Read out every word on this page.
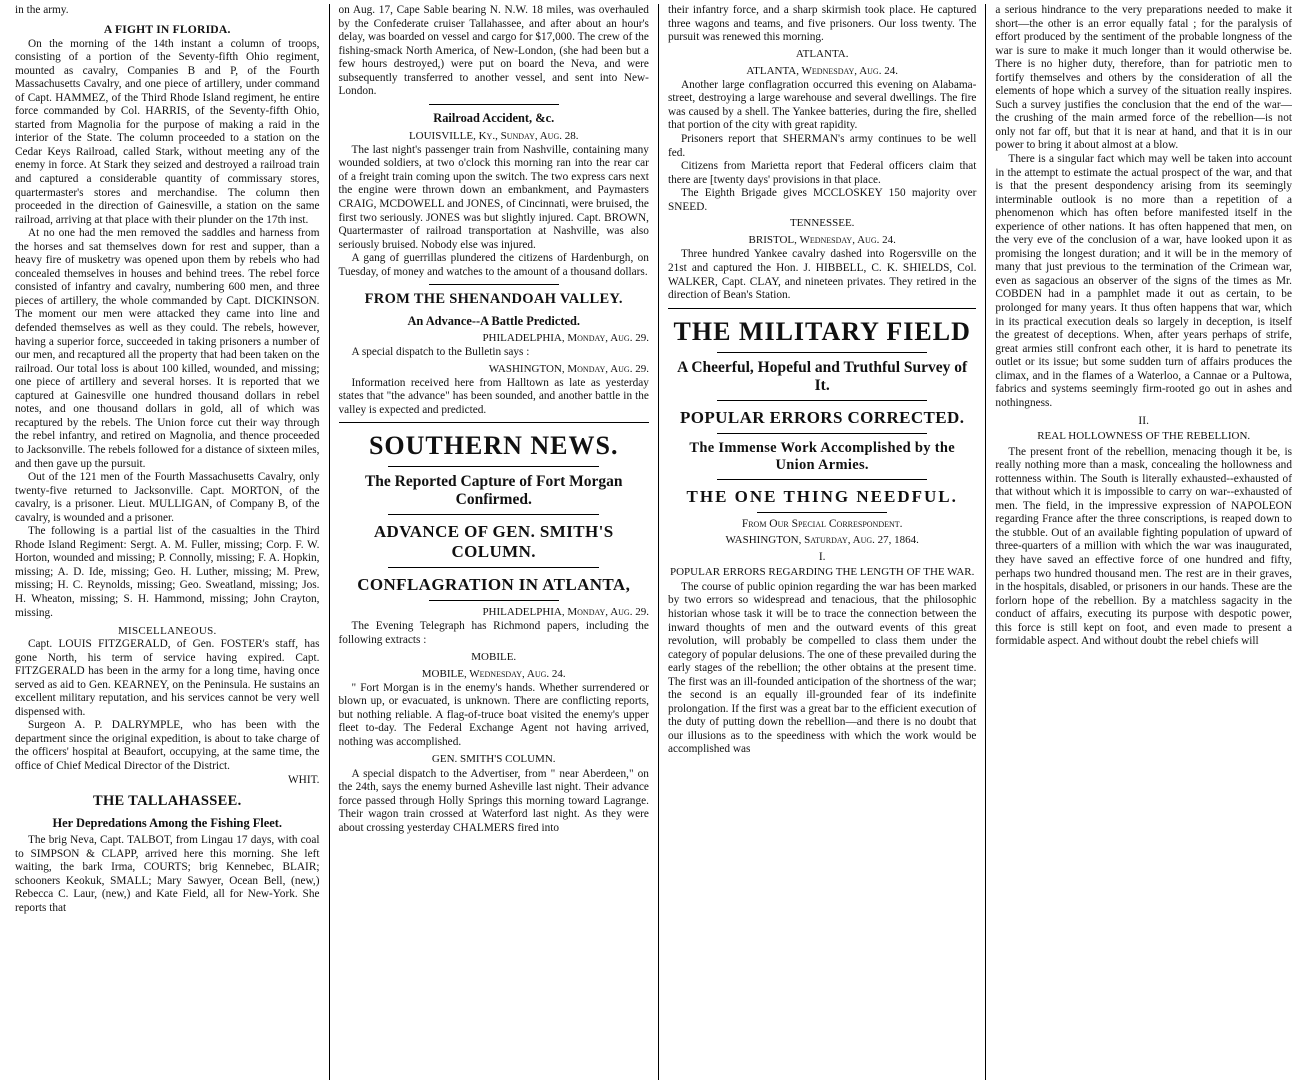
in the army.

A FIGHT IN FLORIDA.

On the morning of the 14th instant a column of troops, consisting of a portion of the Seventy-fifth Ohio regiment, mounted as cavalry, Companies B and P, of the Fourth Massachusetts Cavalry, and one piece of artillery, under command of Capt. HAMMEZ, of the Third Rhode Island regiment, he entire force commanded by Col. HARRIS, of the Seventy-fifth Ohio, started from Magnolia for the purpose of making a raid in the interior of the State. The column proceeded to a station on the Cedar Keys Railroad, called Stark, without meeting any of the enemy in force. At Stark they seized and destroyed a railroad train and captured a considerable quantity of commissary stores, quartermaster's stores and merchandise. The column then proceeded in the direction of Gainesville, a station on the same railroad, arriving at that place with their plunder on the 17th inst.

At no one had the men removed the saddles and harness from the horses and sat themselves down for rest and supper, than a heavy fire of musketry was opened upon them by rebels who had concealed themselves in houses and behind trees. The rebel force consisted of infantry and cavalry, numbering 600 men, and three pieces of artillery, the whole commanded by Capt. DICKINSON. The moment our men were attacked they came into line and defended themselves as well as they could. The rebels, however, having a superior force, succeeded in taking prisoners a number of our men, and recaptured all the property that had been taken on the railroad. Our total loss is about 100 killed, wounded, and missing; one piece of artillery and several horses. It is reported that we captured at Gainesville one hundred thousand dollars in rebel notes, and one thousand dollars in gold, all of which was recaptured by the rebels. The Union force cut their way through the rebel infantry, and retired on Magnolia, and thence proceeded to Jacksonville. The rebels followed for a distance of sixteen miles, and then gave up the pursuit.

Out of the 121 men of the Fourth Massachusetts Cavalry, only twenty-five returned to Jacksonville. Capt. MORTON, of the cavalry, is a prisoner. Lieut. MULLIGAN, of Company B, of the cavalry, is wounded and a prisoner.

The following is a partial list of the casualties in the Third Rhode Island Regiment: Sergt. A. M. Fuller, missing; Corp. F. W. Horton, wounded and missing; P. Connolly, missing; F. A. Hopkin, missing; A. D. Ide, missing; Geo. H. Luther, missing; M. Prew, missing; H. C. Reynolds, missing; Geo. Sweatland, missing; Jos. H. Wheaton, missing; S. H. Hammond, missing; John Crayton, missing.

MISCELLANEOUS.

Capt. LOUIS FITZGERALD, of Gen. FOSTER's staff, has gone North, his term of service having expired. Capt. FITZGERALD has been in the army for a long time, having once served as aid to Gen. KEARNEY, on the Peninsula. He sustains an excellent military reputation, and his services cannot be very well dispensed with.

Surgeon A. P. DALRYMPLE, who has been with the department since the original expedition, is about to take charge of the officers' hospital at Beaufort, occupying, at the same time, the office of Chief Medical Director of the District.

WHIT.

THE TALLAHASSEE.

Her Depredations Among the Fishing Fleet.

The brig Neva, Capt. TALBOT, from Lingau 17 days, with coal to SIMPSON & CLAPP, arrived here this morning. She left waiting, the bark Irma, COURTS; brig Kennebec, BLAIR; schooners Keokuk, SMALL; Mary Sawyer, Ocean Bell, (new,) Rebecca C. Laur, (new,) and Kate Field, all for New-York. She reports that

on Aug. 17, Cape Sable bearing N. N.W. 18 miles, was overhauled by the Confederate cruiser Tallahassee, and after about an hour's delay, was boarded on vessel and cargo for $17,000. The crew of the fishing-smack North America, of New-London, (she had been but a few hours destroyed,) were put on board the Neva, and were subsequently transferred to another vessel, and sent into New-London.

Railroad Accident, &c.

LOUISVILLE, Ky., Sunday, Aug. 28.

The last night's passenger train from Nashville, containing many wounded soldiers, at two o'clock this morning ran into the rear car of a freight train coming upon the switch. The two express cars next the engine were thrown down an embankment, and Paymasters CRAIG, MCDOWELL and JONES, of Cincinnati, were bruised, the first two seriously. JONES was but slightly injured. Capt. BROWN, Quartermaster of railroad transportation at Nashville, was also seriously bruised. Nobody else was injured.

A gang of guerrillas plundered the citizens of Hardenburgh, on Tuesday, of money and watches to the amount of a thousand dollars.

FROM THE SHENANDOAH VALLEY.

An Advance--A Battle Predicted.

PHILADELPHIA, Monday, Aug. 29.

A special dispatch to the Bulletin says :

WASHINGTON, Monday, Aug. 29.

Information received here from Halltown as late as yesterday states that "the advance" has been sounded, and another battle in the valley is expected and predicted.

SOUTHERN NEWS.

The Reported Capture of Fort Morgan Confirmed.

ADVANCE OF GEN. SMITH'S COLUMN.

CONFLAGRATION IN ATLANTA,

PHILADELPHIA, Monday, Aug. 29.

The Evening Telegraph has Richmond papers, including the following extracts :

MOBILE.

MOBILE, Wednesday, Aug. 24.

" Fort Morgan is in the enemy's hands. Whether surrendered or blown up, or evacuated, is unknown. There are conflicting reports, but nothing reliable. A flag-of-truce boat visited the enemy's upper fleet to-day. The Federal Exchange Agent not having arrived, nothing was accomplished.

GEN. SMITH'S COLUMN.

A special dispatch to the Advertiser, from " near Aberdeen," on the 24th, says the enemy burned Asheville last night. Their advance force passed through Holly Springs this morning toward Lagrange. Their wagon train crossed at Waterford last night. As they were about crossing yesterday CHALMERS fired into

their infantry force, and a sharp skirmish took place. He captured three wagons and teams, and five prisoners. Our loss twenty. The pursuit was renewed this morning.

ATLANTA.

ATLANTA, Wednesday, Aug. 24.

Another large conflagration occurred this evening on Alabama-street, destroying a large warehouse and several dwellings. The fire was caused by a shell. The Yankee batteries, during the fire, shelled that portion of the city with great rapidity.

Prisoners report that SHERMAN's army continues to be well fed.

Citizens from Marietta report that Federal officers claim that there are [twenty days' provisions in that place.

The Eighth Brigade gives MCCLOSKEY 150 majority over SNEED.

TENNESSEE.

BRISTOL, Wednesday, Aug. 24.

Three hundred Yankee cavalry dashed into Rogersville on the 21st and captured the Hon. J. HIBBELL, C. K. SHIELDS, Col. WALKER, Capt. CLAY, and nineteen privates. They retired in the direction of Bean's Station.

THE MILITARY FIELD

A Cheerful, Hopeful and Truthful Survey of It.

POPULAR ERRORS CORRECTED.

The Immense Work Accomplished by the Union Armies.

THE ONE THING NEEDFUL.

From Our Special Correspondent.

WASHINGTON, Saturday, Aug. 27, 1864.

I.

POPULAR ERRORS REGARDING THE LENGTH OF THE WAR.

The course of public opinion regarding the war has been marked by two errors so widespread and tenacious, that the philosophic historian whose task it will be to trace the connection between the inward thoughts of men and the outward events of this great revolution, will probably be compelled to class them under the category of popular delusions. The one of these prevailed during the early stages of the rebellion; the other obtains at the present time. The first was an ill-founded anticipation of the shortness of the war; the second is an equally ill-grounded fear of its indefinite prolongation. If the first was a great bar to the efficient execution of the duty of putting down the rebellion—and there is no doubt that our illusions as to the speediness with which the work would be accomplished was

a serious hindrance to the very preparations needed to make it short—the other is an error equally fatal ; for the paralysis of effort produced by the sentiment of the probable longness of the war is sure to make it much longer than it would otherwise be. There is no higher duty, therefore, than for patriotic men to fortify themselves and others by the consideration of all the elements of hope which a survey of the situation really inspires. Such a survey justifies the conclusion that the end of the war—the crushing of the main armed force of the rebellion—is not only not far off, but that it is near at hand, and that it is in our power to bring it about almost at a blow.

There is a singular fact which may well be taken into account in the attempt to estimate the actual prospect of the war, and that is that the present despondency arising from its seemingly interminable outlook is no more than a repetition of a phenomenon which has often before manifested itself in the experience of other nations. It has often happened that men, on the very eve of the conclusion of a war, have looked upon it as promising the longest duration; and it will be in the memory of many that just previous to the termination of the Crimean war, even as sagacious an observer of the signs of the times as Mr. COBDEN had in a pamphlet made it out as certain, to be prolonged for many years. It thus often happens that war, which in its practical execution deals so largely in deception, is itself the greatest of deceptions. When, after years perhaps of strife, great armies still confront each other, it is hard to penetrate its outlet or its issue; but some sudden turn of affairs produces the climax, and in the flames of a Waterloo, a Cannae or a Pultowa, fabrics and systems seemingly firm-rooted go out in ashes and nothingness.

II.

REAL HOLLOWNESS OF THE REBELLION.

The present front of the rebellion, menacing though it be, is really nothing more than a mask, concealing the hollowness and rottenness within. The South is literally exhausted--exhausted of that without which it is impossible to carry on war--exhausted of men. The field, in the impressive expression of NAPOLEON regarding France after the three conscriptions, is reaped down to the stubble. Out of an available fighting population of upward of three-quarters of a million with which the war was inaugurated, they have saved an effective force of one hundred and fifty, perhaps two hundred thousand men. The rest are in their graves, in the hospitals, disabled, or prisoners in our hands. These are the forlorn hope of the rebellion. By a matchless sagacity in the conduct of affairs, executing its purpose with despotic power, this force is still kept on foot, and even made to present a formidable aspect. And without doubt the rebel chiefs will
